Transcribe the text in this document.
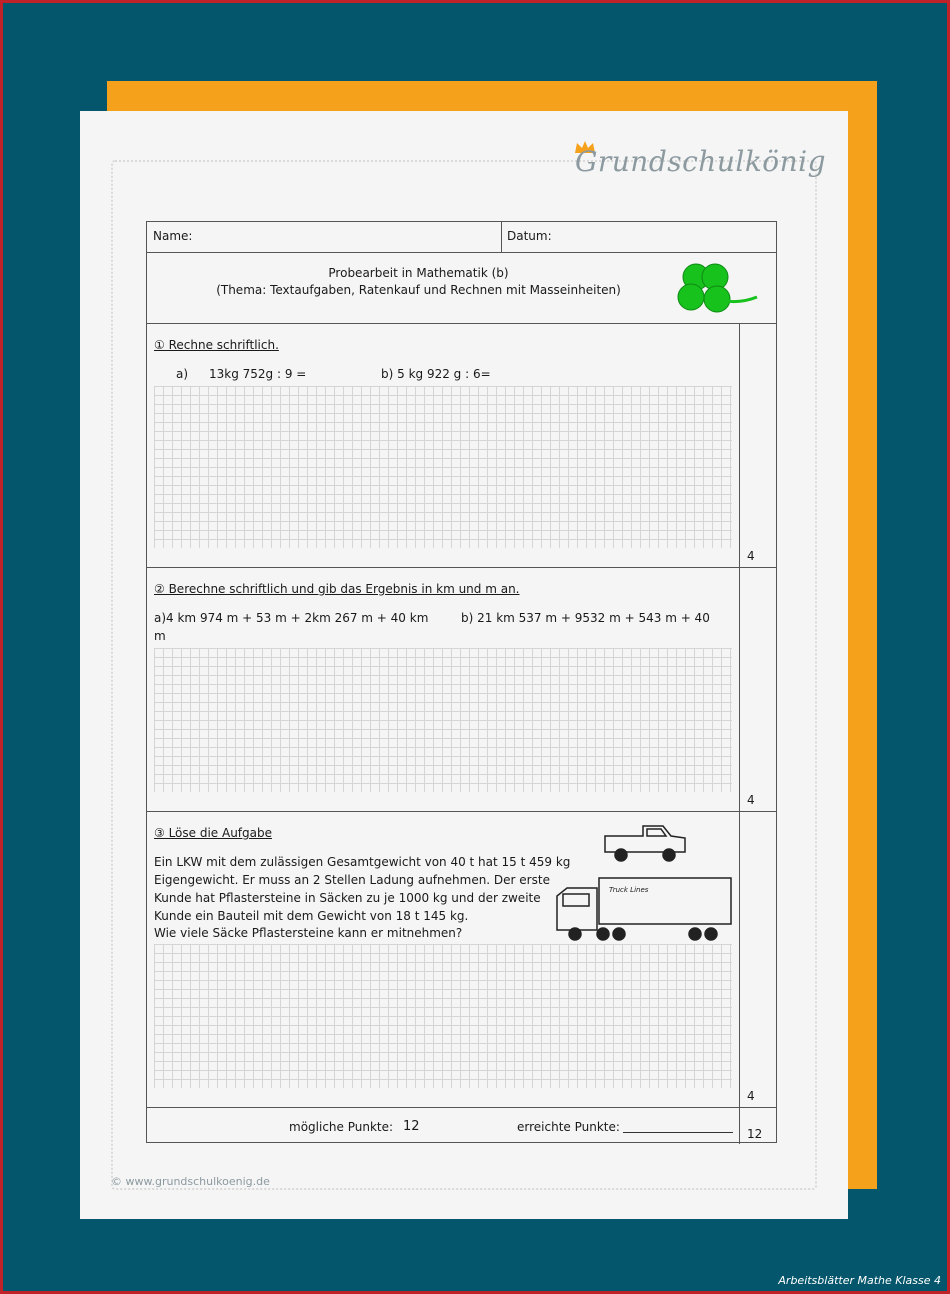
Grundschulkönig
Name:	Datum:
Probearbeit in Mathematik (b)
(Thema: Textaufgaben, Ratenkauf und Rechnen mit Masseinheiten)
① Rechne schriftlich.
a) 13kg 752g : 9 =	b) 5 kg 922 g : 6=
4
② Berechne schriftlich und gib das Ergebnis in km und m an.
a)4 km 974 m + 53 m + 2km 267 m + 40 km
m
b) 21 km 537 m + 9532 m + 543 m + 40
4
③ Löse die Aufgabe
Ein LKW mit dem zulässigen Gesamtgewicht von 40 t hat 15 t 459 kg
Eigengewicht. Er muss an 2 Stellen Ladung aufnehmen. Der erste
Kunde hat Pflastersteine in Säcken zu je 1000 kg und der zweite
Kunde ein Bauteil mit dem Gewicht von 18 t 145 kg.
Wie viele Säcke Pflastersteine kann er mitnehmen?
Truck Lines
4
mögliche Punkte: 12	erreichte Punkte:	12
© www.grundschulkoenig.de
Arbeitsblätter Mathe Klasse 4
